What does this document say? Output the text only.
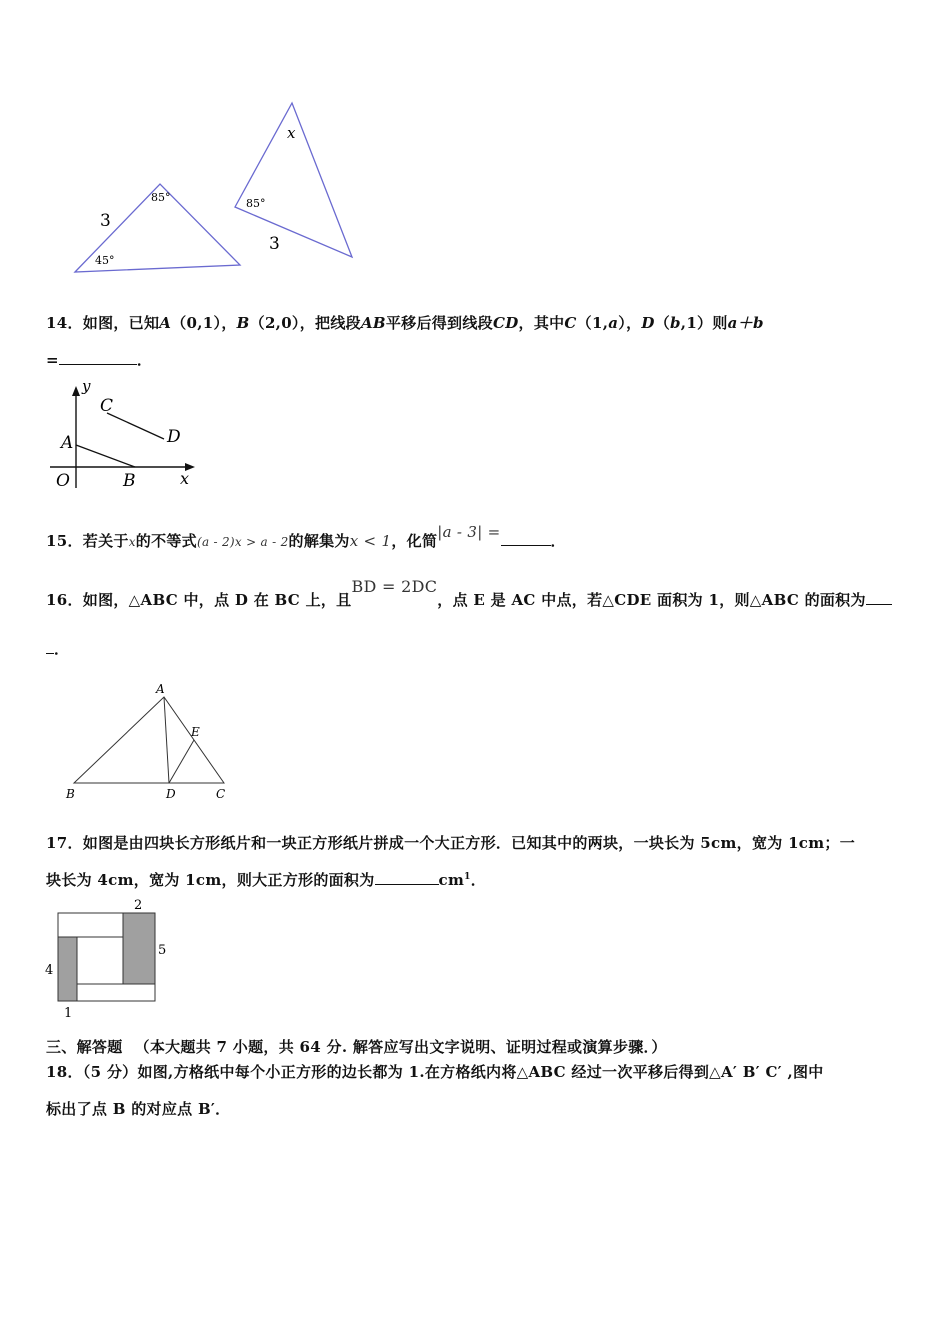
3
85°
45°
x
85°
3
14．如图，已知A（0,1），B（2,0），把线段AB平移后得到线段CD，其中C（1,a），D（b,1）则a＋b
=	．
y
x
O
A
B
C
D
15．若关于x的不等式(a - 2)x > a - 2的解集为x < 1，化简|a - 3| =	．
16．如图，△ABC 中，点 D 在 BC 上，且BD = 2DC，点 E 是 AC 中点，若△CDE 面积为 1，则△ABC 的面积为
．
A
B	C
D
E
17．如图是由四块长方形纸片和一块正方形纸片拼成一个大正方形．已知其中的两块，一块长为 5cm，宽为 1cm；一
块长为 4cm，宽为 1cm，则大正方形的面积为	$cm^1$．
2
5
4
1
三、解答题 （本大题共 7 小题，共 64 分. 解答应写出文字说明、证明过程或演算步骤．）
18．（5 分）如图,方格纸中每个小正方形的边长都为 1.在方格纸内将△ABC 经过一次平移后得到△A′ B′ C′ ,图中
标出了点 B 的对应点 B′．
